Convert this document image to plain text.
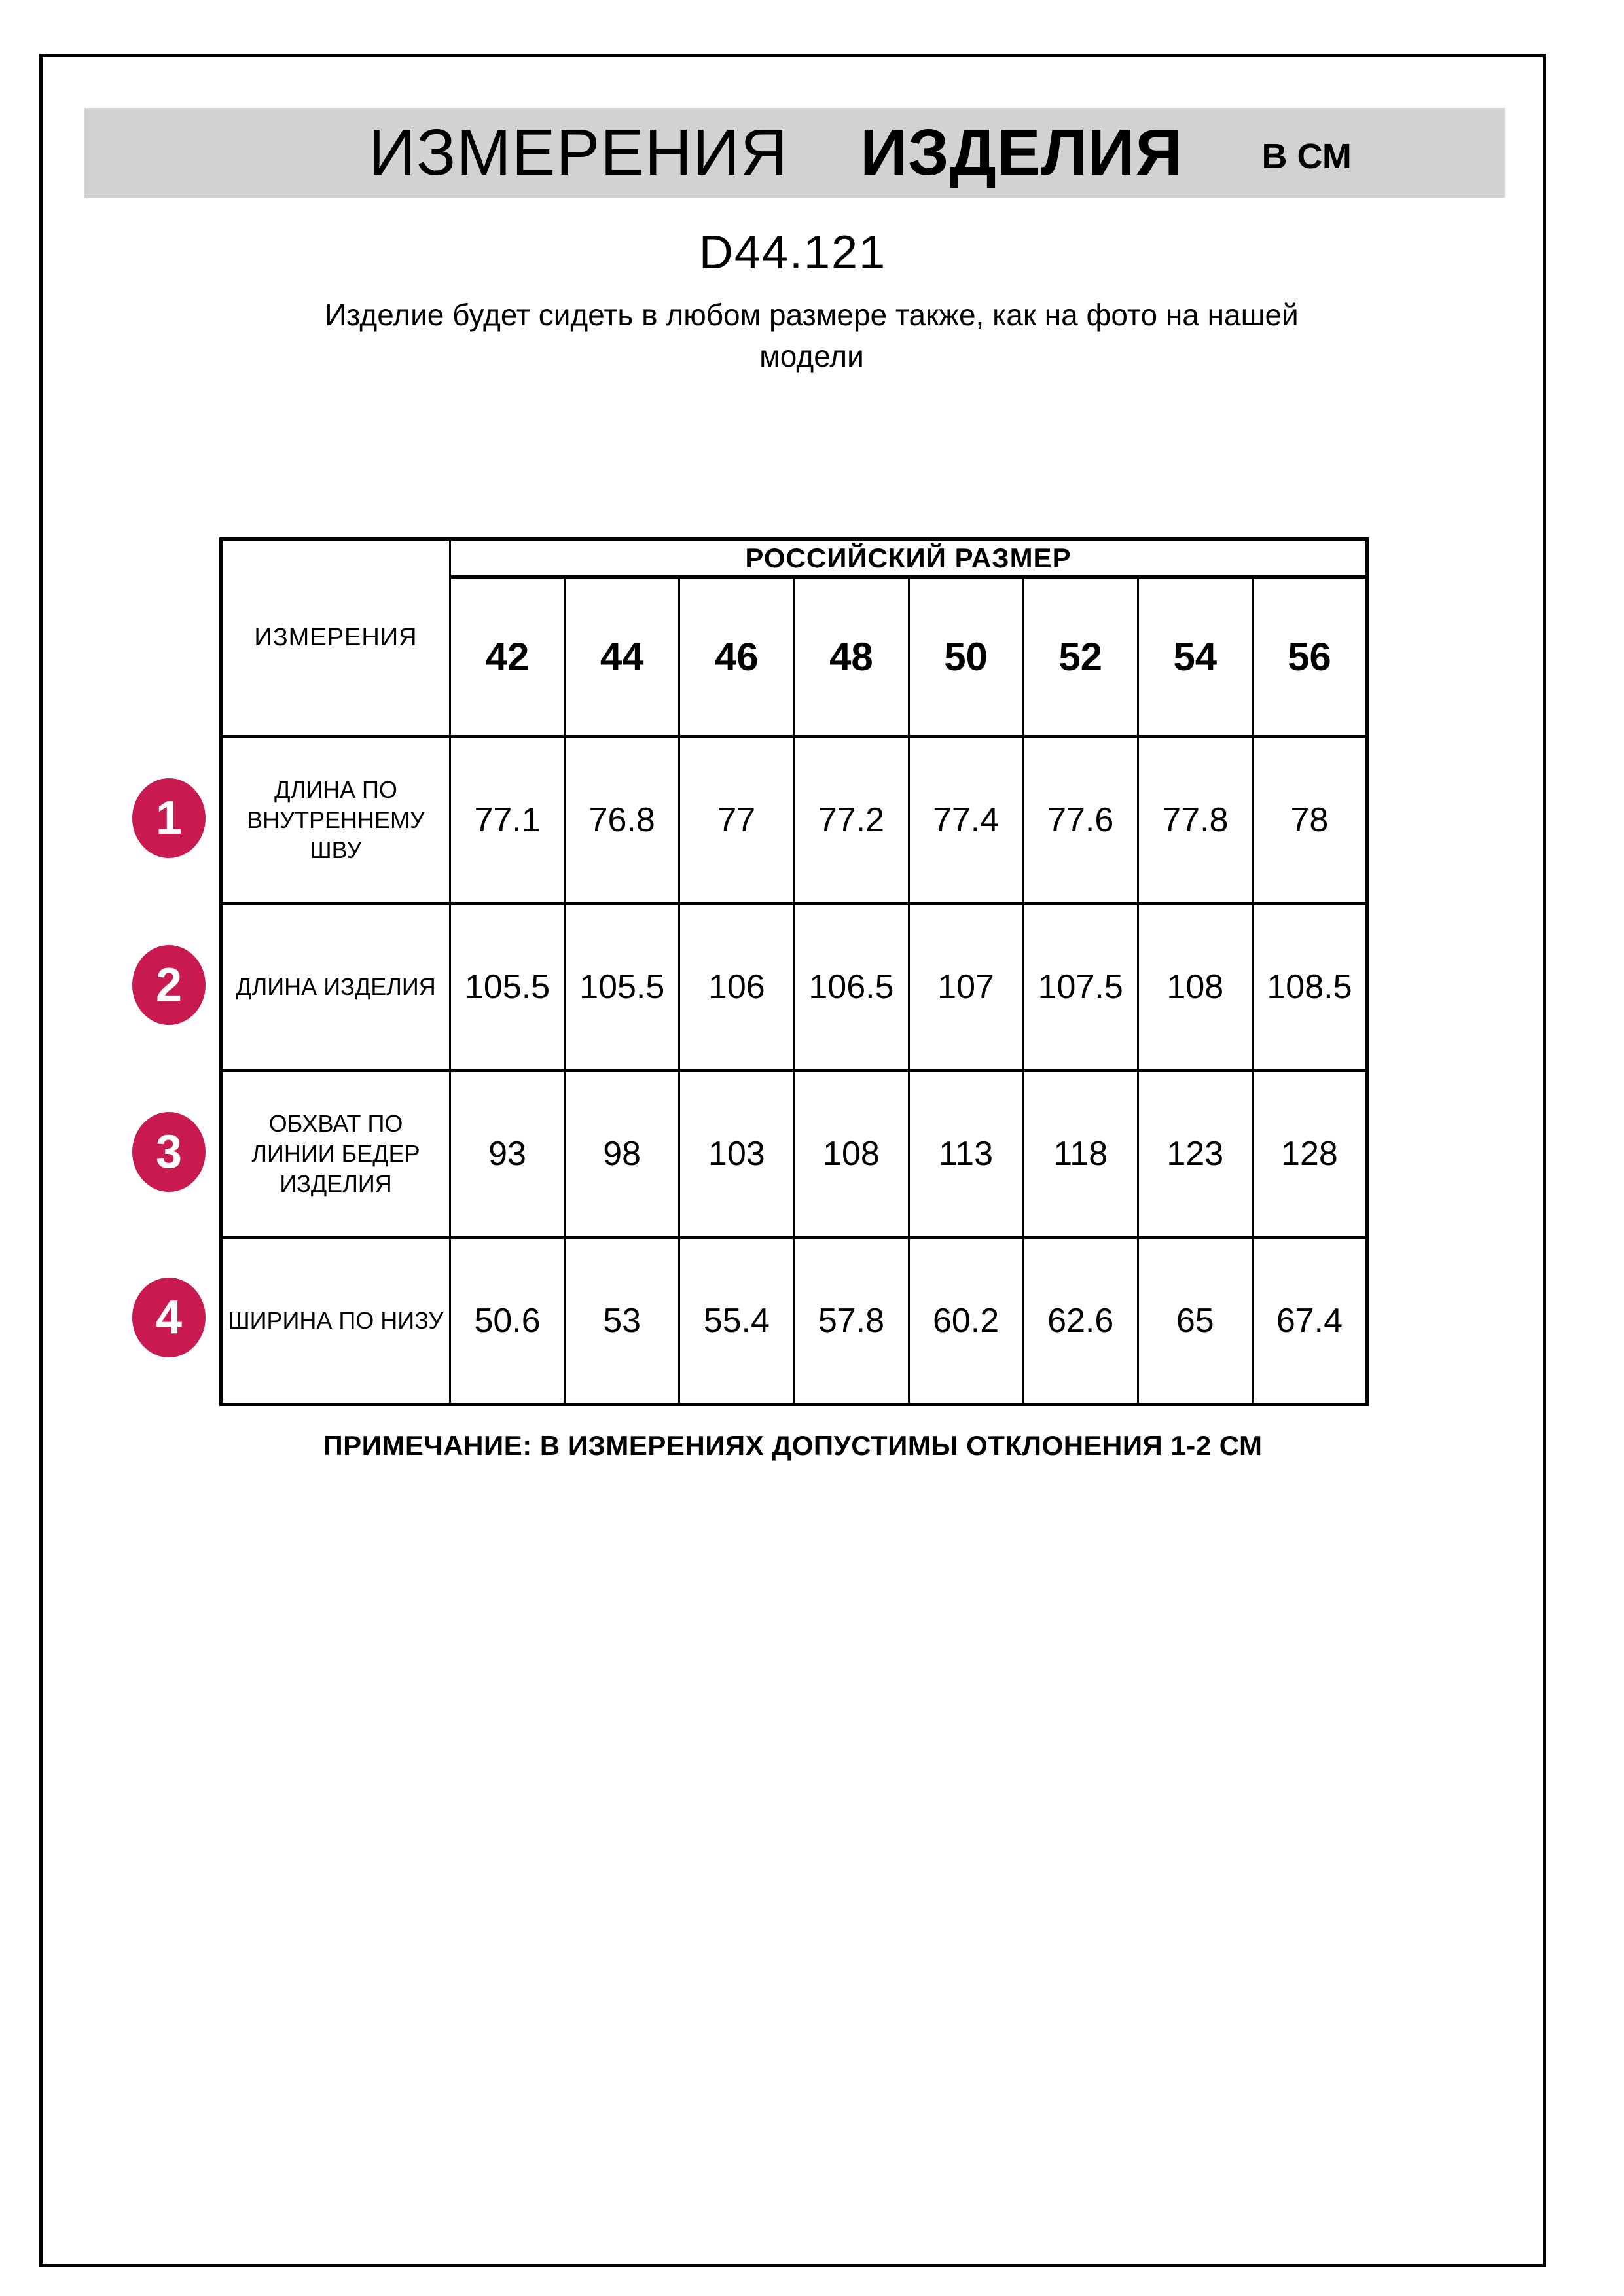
ИЗМЕРЕНИЯ ИЗДЕЛИЯ В СМ
D44.121
Изделие будет сидеть в любом размере также, как на фото на нашей модели
ИЗМЕРЕНИЯ	РОССИЙСКИЙ РАЗМЕР							
	42	44	46	48	50	52	54	56
ДЛИНА ПО ВНУТРЕННЕМУ ШВУ	77.1	76.8	77	77.2	77.4	77.6	77.8	78
ДЛИНА ИЗДЕЛИЯ	105.5	105.5	106	106.5	107	107.5	108	108.5
ОБХВАТ ПО ЛИНИИ БЕДЕР ИЗДЕЛИЯ	93	98	103	108	113	118	123	128
ШИРИНА ПО НИЗУ	50.6	53	55.4	57.8	60.2	62.6	65	67.4
1
2
3
4
ПРИМЕЧАНИЕ: В ИЗМЕРЕНИЯХ ДОПУСТИМЫ ОТКЛОНЕНИЯ 1-2 СМ
